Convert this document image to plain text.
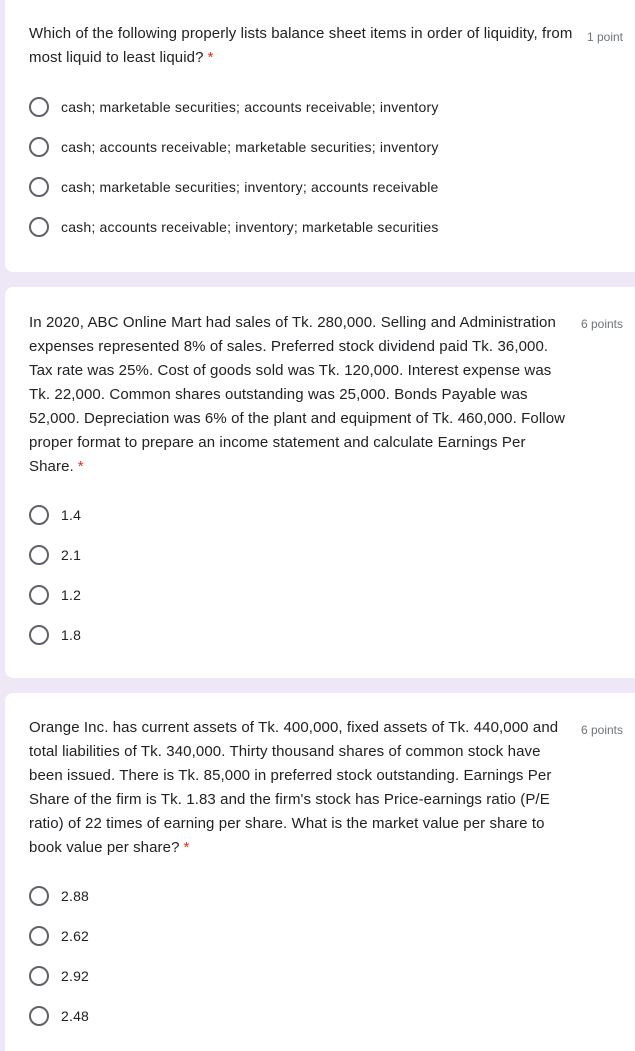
Which of the following properly lists balance sheet items in order of liquidity, from most liquid to least liquid? *
1 point
cash; marketable securities; accounts receivable; inventory
cash; accounts receivable; marketable securities; inventory
cash; marketable securities; inventory; accounts receivable
cash; accounts receivable; inventory; marketable securities
In 2020, ABC Online Mart had sales of Tk. 280,000. Selling and Administration expenses represented 8% of sales. Preferred stock dividend paid Tk. 36,000. Tax rate was 25%. Cost of goods sold was Tk. 120,000. Interest expense was Tk. 22,000. Common shares outstanding was 25,000. Bonds Payable was 52,000. Depreciation was 6% of the plant and equipment of Tk. 460,000. Follow proper format to prepare an income statement and calculate Earnings Per Share. *
6 points
1.4
2.1
1.2
1.8
Orange Inc. has current assets of Tk. 400,000, fixed assets of Tk. 440,000 and total liabilities of Tk. 340,000. Thirty thousand shares of common stock have been issued. There is Tk. 85,000 in preferred stock outstanding. Earnings Per Share of the firm is Tk. 1.83 and the firm's stock has Price-earnings ratio (P/E ratio) of 22 times of earning per share. What is the market value per share to book value per share? *
6 points
2.88
2.62
2.92
2.48
